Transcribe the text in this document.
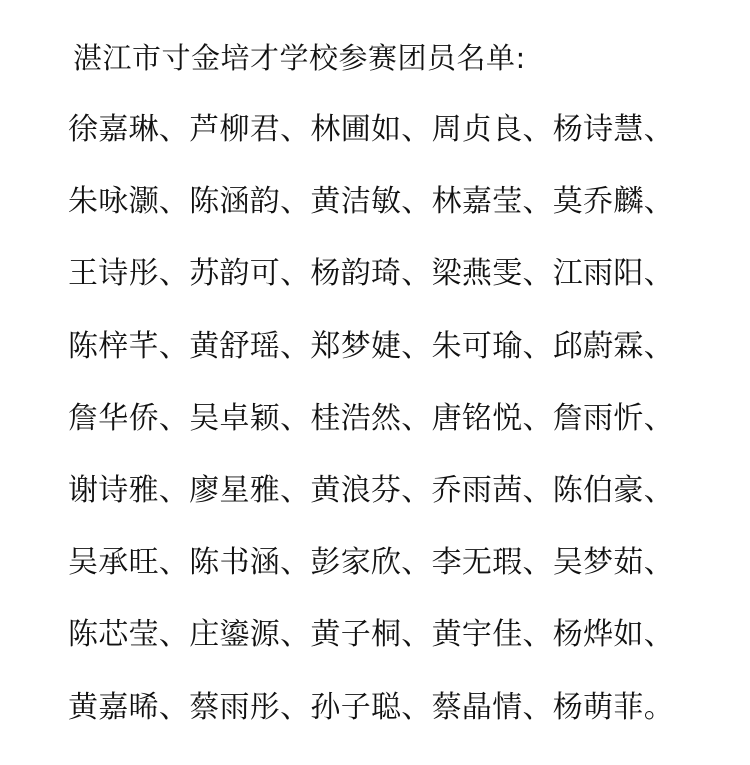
湛江市寸金培才学校参赛团员名单:
徐嘉琳、芦柳君、林圃如、周贞良、杨诗慧、
朱咏灏、陈涵韵、黄洁敏、林嘉莹、莫乔麟、
王诗彤、苏韵可、杨韵琦、梁燕雯、江雨阳、
陈梓芊、黄舒瑶、郑梦婕、朱可瑜、邱蔚霖、
詹华侨、吴卓颖、桂浩然、唐铭悦、詹雨忻、
谢诗雅、廖星雅、黄浪芬、乔雨茜、陈伯豪、
吴承旺、陈书涵、彭家欣、李无瑕、吴梦茹、
陈芯莹、庄鎏源、黄子桐、黄宇佳、杨烨如、
黄嘉晞、蔡雨彤、孙子聪、蔡晶情、杨萌菲。
